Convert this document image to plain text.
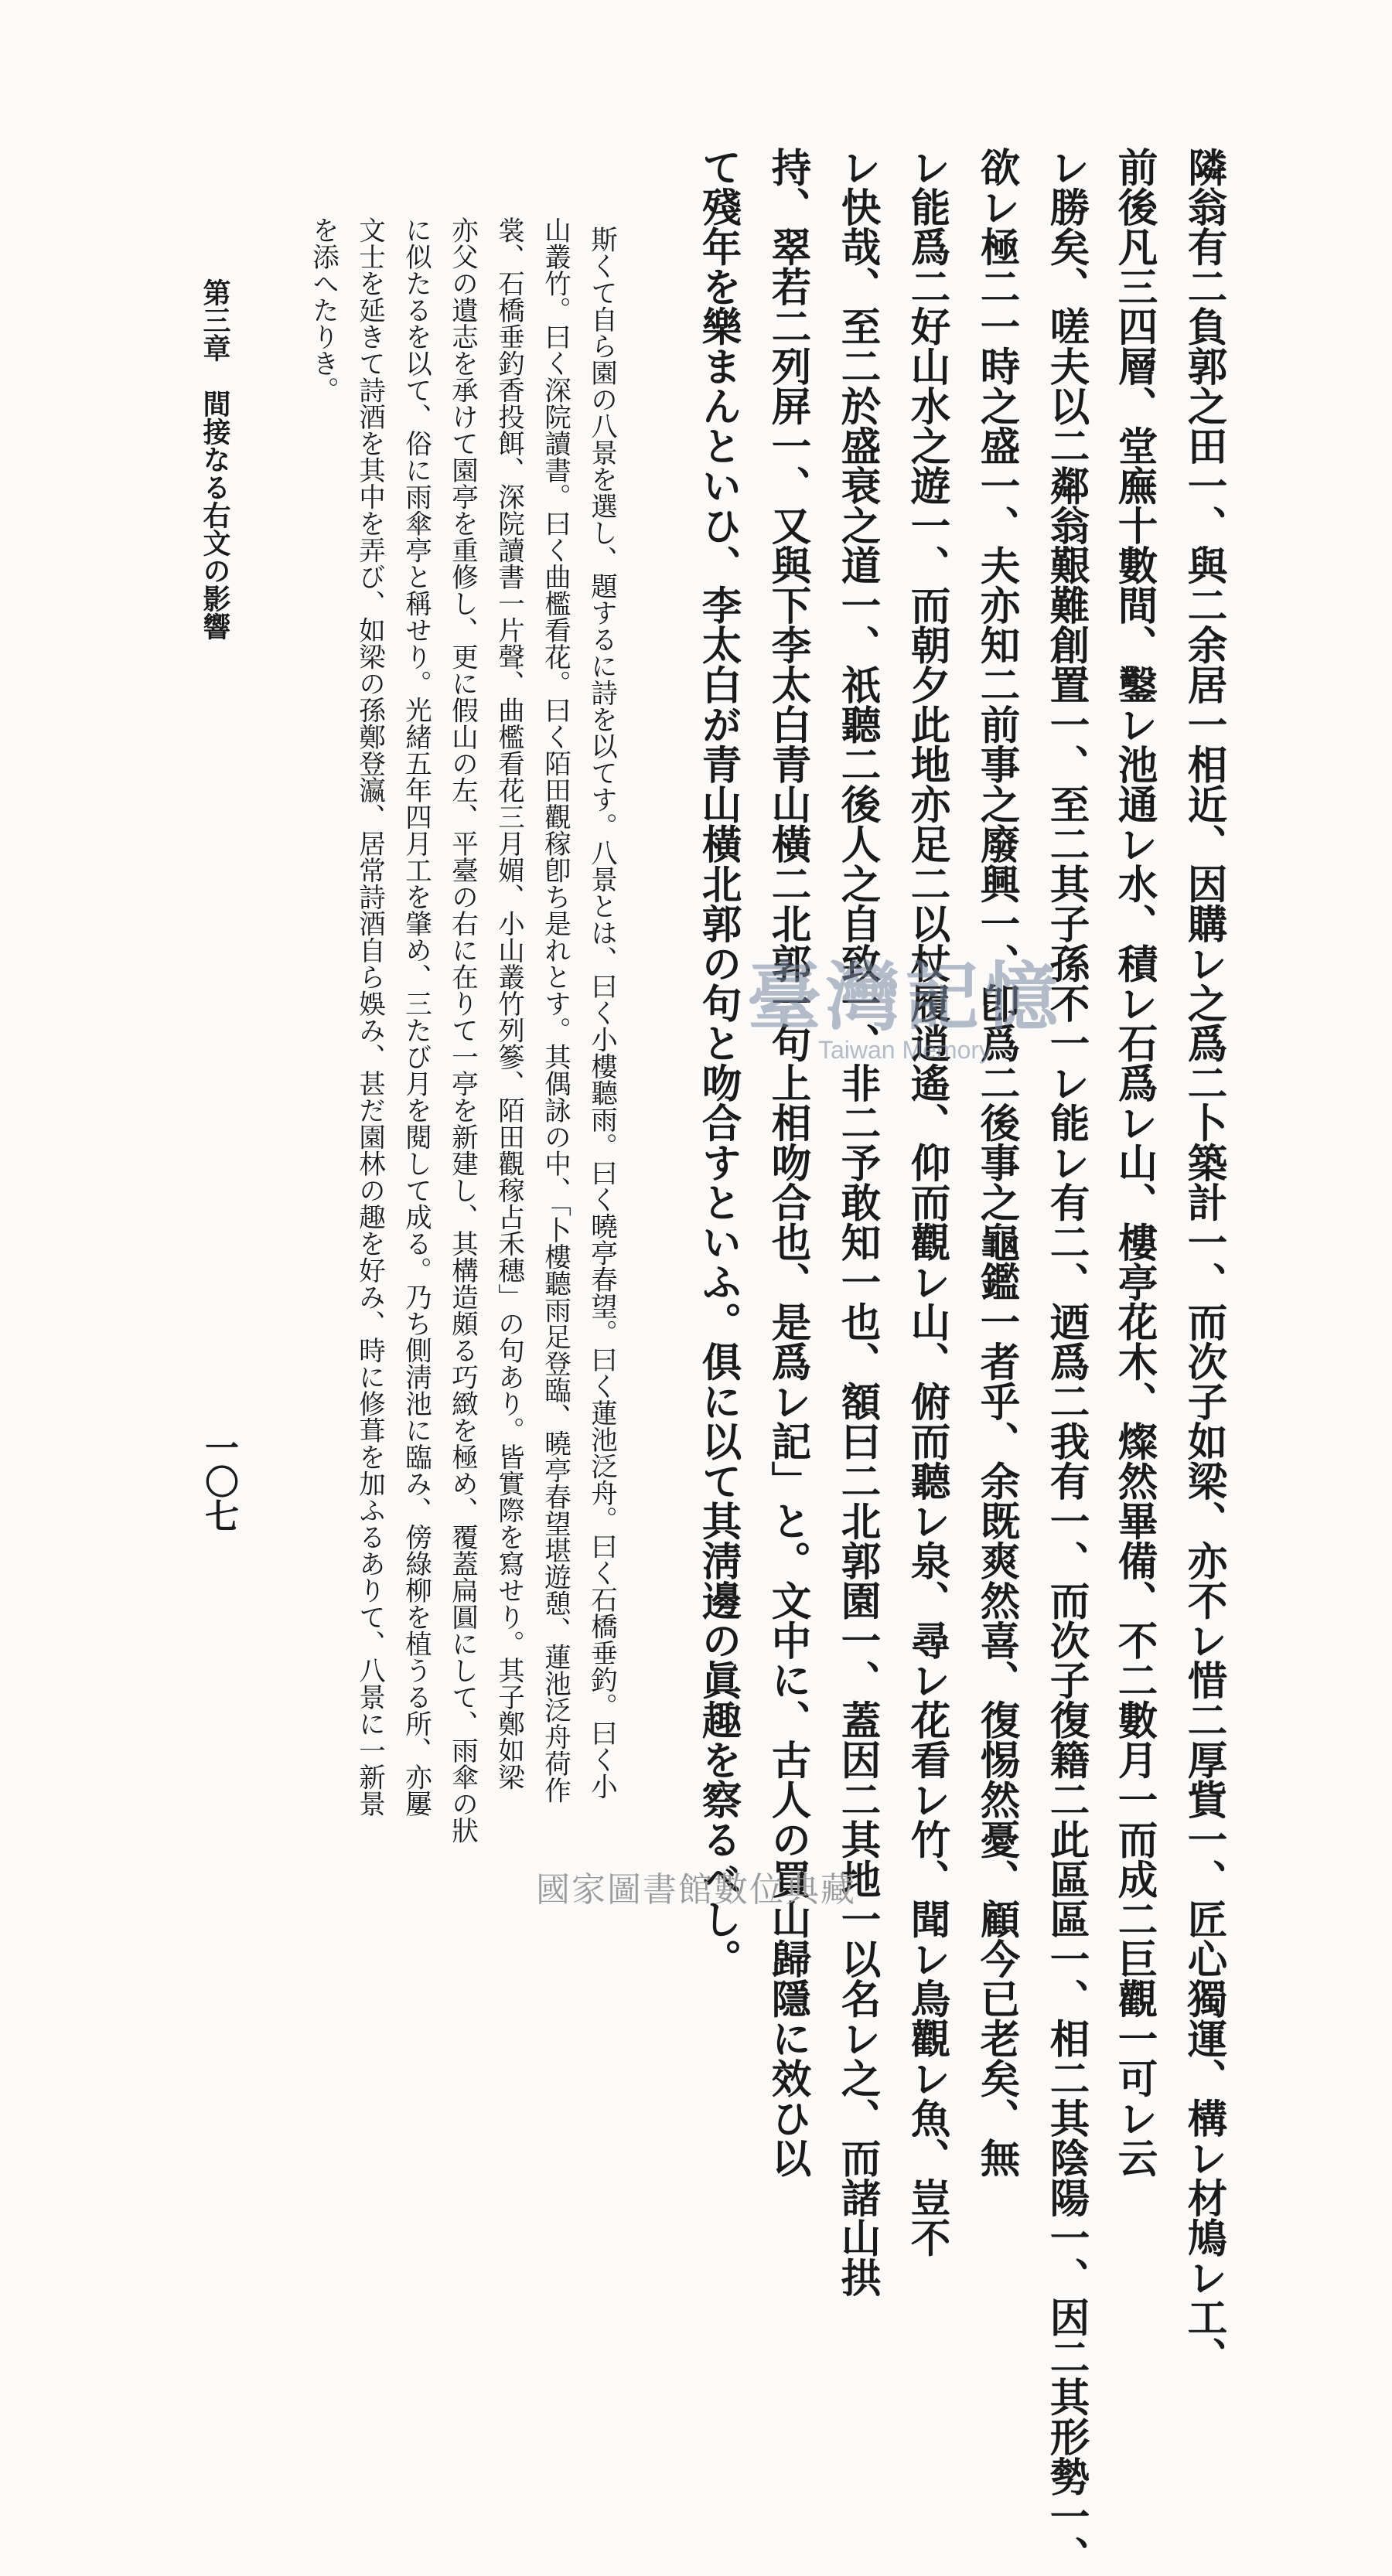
隣翁有二負郭之田一、與二余居一相近、因購レ之爲二卜築計一、而次子如梁、亦不レ惜二厚貲一、匠心獨運、構レ材鳩レ工、
前後凡三四層、堂廡十數間、鑿レ池通レ水、積レ石爲レ山、樓亭花木、燦然畢備、不二數月一而成二巨觀一可レ云
レ勝矣、嗟夫以二鄰翁艱難創置一、至二其子孫不一レ能レ有二、迺爲二我有一、而次子復籍二此區區一、相二其陰陽一、因二其形勢一、
欲レ極二一時之盛一、夫亦知二前事之廢興一、卽爲二後事之龜鑑一者乎、余既爽然喜、復惕然憂、顧今已老矣、無
レ能爲二好山水之遊一、而朝夕此地亦足二以杖履逍遙、仰而觀レ山、俯而聽レ泉、尋レ花看レ竹、聞レ鳥觀レ魚、豈不
レ快哉、至二於盛衰之道一、祇聽二後人之自致一、非二予敢知一也、額曰二北郭園一、蓋因二其地一以名レ之、而諸山拱
持、翠若二列屏一、又與下李太白青山橫二北郭一句上相吻合也、是爲レ記」と。文中に、古人の買山歸隱に效ひ以
て殘年を樂まんといひ、李太白が青山橫北郭の句と吻合すといふ。俱に以て其淸邊の眞趣を察るべし。
斯くて自ら園の八景を選し、題するに詩を以てす。八景とは、曰く小樓聽雨。曰く曉亭春望。曰く蓮池泛舟。曰く石橋垂釣。曰く小
山叢竹。曰く深院讀書。曰く曲檻看花。曰く陌田觀稼卽ち是れとす。其偶詠の中、「卜樓聽雨足登臨、曉亭春望堪遊憩、蓮池泛舟荷作
裳、石橋垂釣香投餌、深院讀書一片聲、曲檻看花三月媚、小山叢竹列篸、陌田觀稼占禾穗」の句あり。皆實際を寫せり。其子鄭如梁
亦父の遺志を承けて園亭を重修し、更に假山の左、平臺の右に在りて一亭を新建し、其構造頗る巧緻を極め、覆蓋扁圓にして、雨傘の狀
に似たるを以て、俗に雨傘亭と稱せり。光緒五年四月工を肇め、三たび月を閱して成る。乃ち側淸池に臨み、傍綠柳を植うる所、亦屢
文士を延きて詩酒を其中を弄び、如梁の孫鄭登瀛、居常詩酒自ら娛み、甚だ園林の趣を好み、時に修葺を加ふるありて、八景に一新景
を添へたりき。
第三章　間接なる右文の影響
一〇七
臺灣記憶
Taiwan Memory
國家圖書館數位典藏
